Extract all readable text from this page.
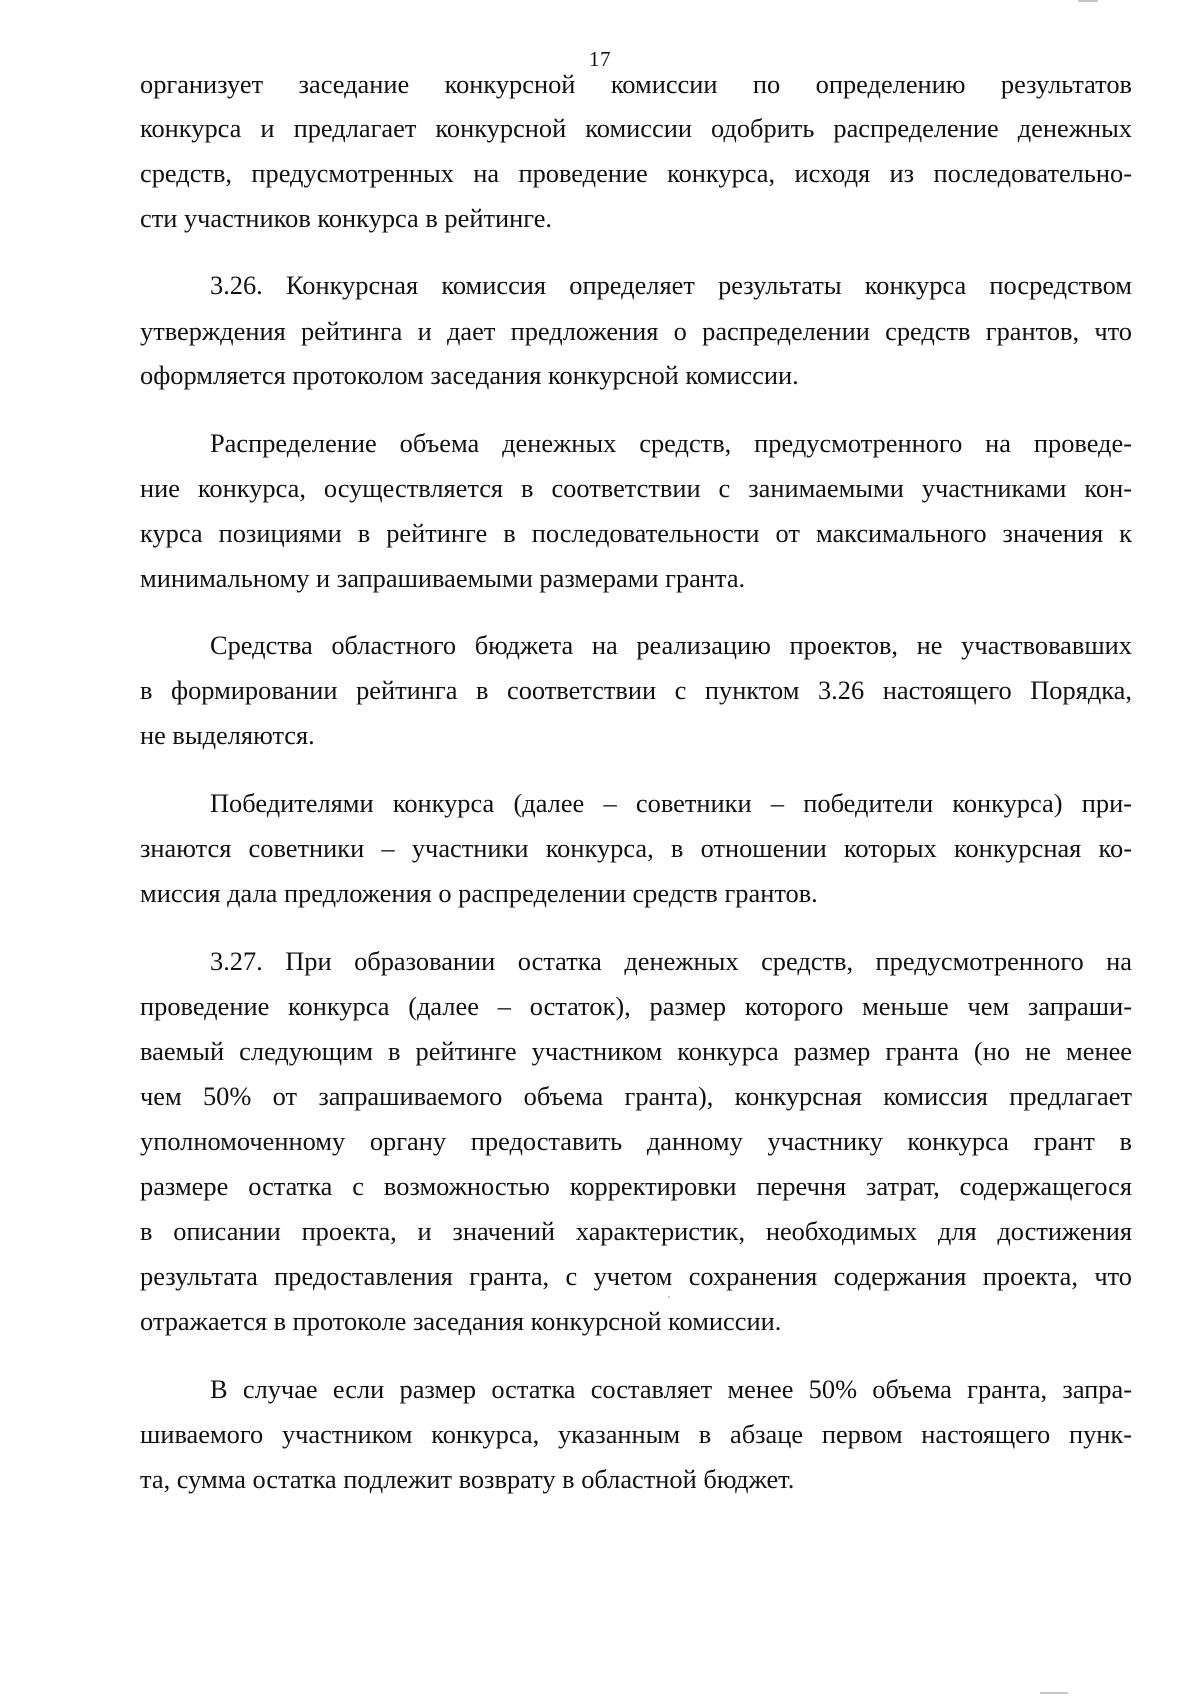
17
организует заседание конкурсной комиссии по определению результатов
конкурса и предлагает конкурсной комиссии одобрить распределение денежных
средств, предусмотренных на проведение конкурса, исходя из последовательно-
сти участников конкурса в рейтинге.
3.26. Конкурсная комиссия определяет результаты конкурса посредством
утверждения рейтинга и дает предложения о распределении средств грантов, что
оформляется протоколом заседания конкурсной комиссии.
Распределение объема денежных средств, предусмотренного на проведе-
ние конкурса, осуществляется в соответствии с занимаемыми участниками кон-
курса позициями в рейтинге в последовательности от максимального значения к
минимальному и запрашиваемыми размерами гранта.
Средства областного бюджета на реализацию проектов, не участвовавших
в формировании рейтинга в соответствии с пунктом 3.26 настоящего Порядка,
не выделяются.
Победителями конкурса (далее – советники – победители конкурса) при-
знаются советники – участники конкурса, в отношении которых конкурсная ко-
миссия дала предложения о распределении средств грантов.
3.27. При образовании остатка денежных средств, предусмотренного на
проведение конкурса (далее – остаток), размер которого меньше чем запраши-
ваемый следующим в рейтинге участником конкурса размер гранта (но не менее
чем 50% от запрашиваемого объема гранта), конкурсная комиссия предлагает
уполномоченному органу предоставить данному участнику конкурса грант в
размере остатка с возможностью корректировки перечня затрат, содержащегося
в описании проекта, и значений характеристик, необходимых для достижения
результата предоставления гранта, с учетом сохранения содержания проекта, что
отражается в протоколе заседания конкурсной комиссии.
В случае если размер остатка составляет менее 50% объема гранта, запра-
шиваемого участником конкурса, указанным в абзаце первом настоящего пунк-
та, сумма остатка подлежит возврату в областной бюджет.
